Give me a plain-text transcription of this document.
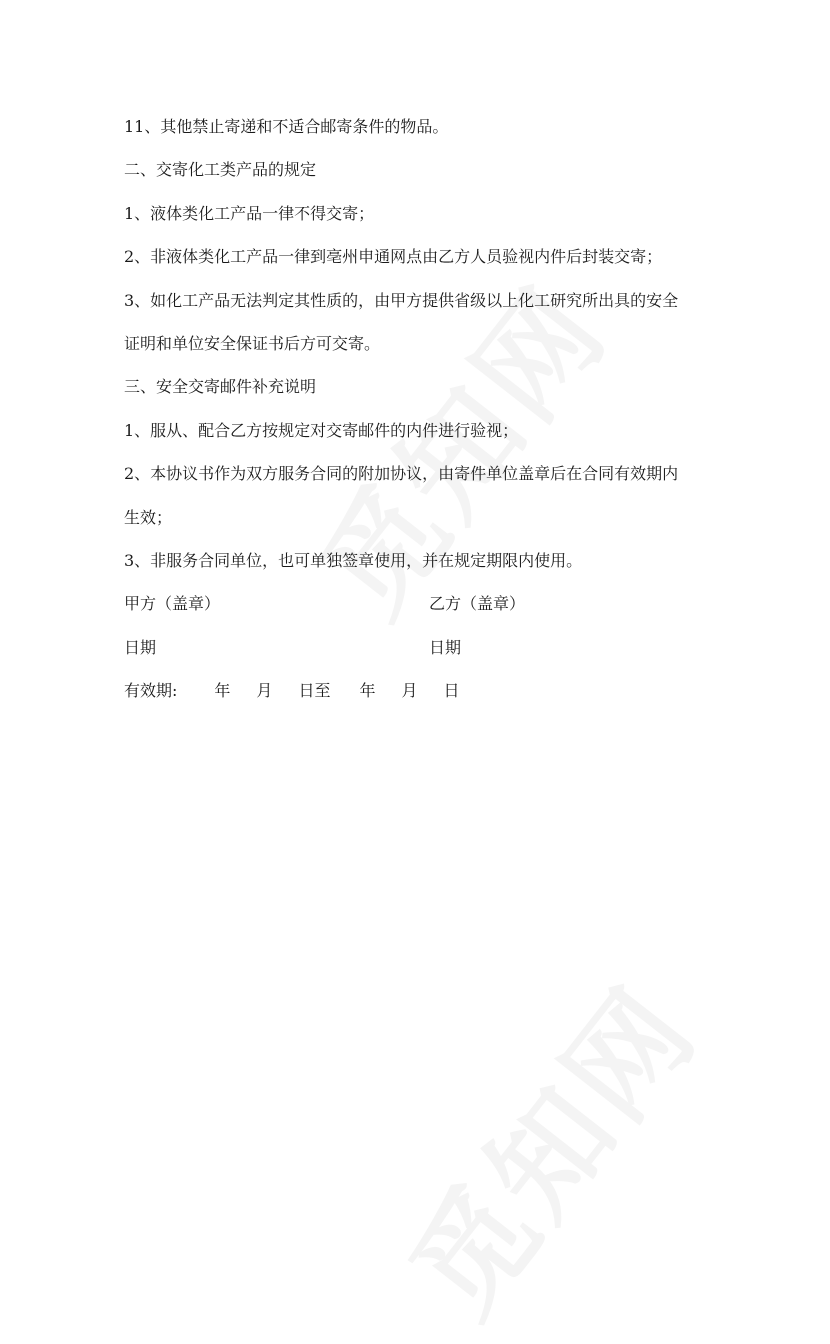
11、其他禁止寄递和不适合邮寄条件的物品。
二、交寄化工类产品的规定
1、液体类化工产品一律不得交寄；
2、非液体类化工产品一律到亳州申通网点由乙方人员验视内件后封装交寄；
3、如化工产品无法判定其性质的，由甲方提供省级以上化工研究所出具的安全
证明和单位安全保证书后方可交寄。
三、安全交寄邮件补充说明
1、服从、配合乙方按规定对交寄邮件的内件进行验视；
2、本协议书作为双方服务合同的附加协议，由寄件单位盖章后在合同有效期内
生效；
3、非服务合同单位，也可单独签章使用，并在规定期限内使用。
甲方（盖章）	乙方（盖章）
日期	日期
有效期: 年 月 日至 年 月 日
